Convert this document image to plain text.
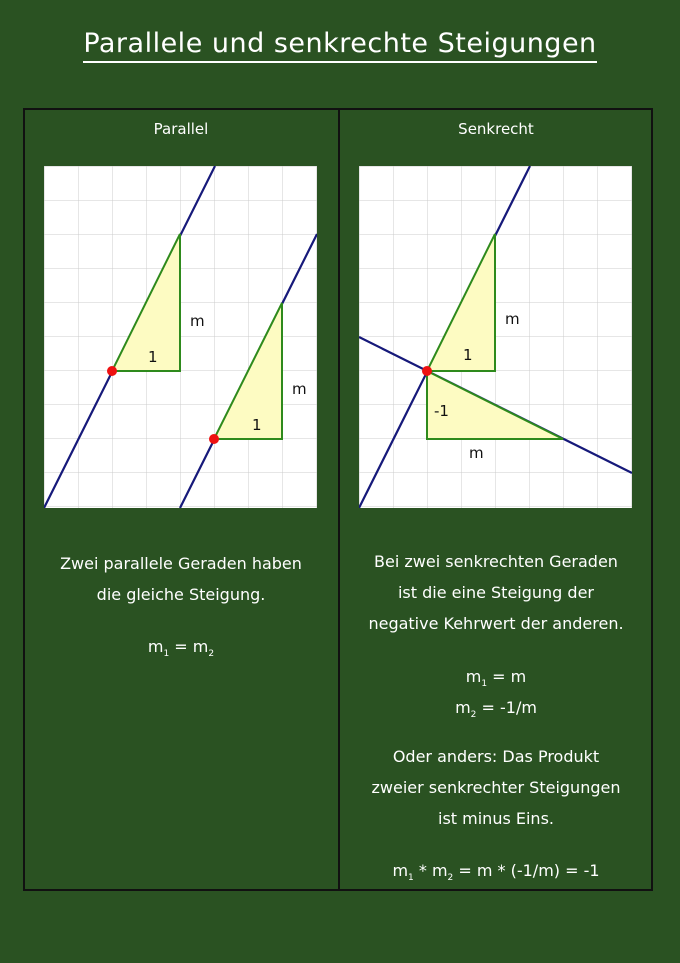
Parallele und senkrechte Steigungen
Parallel
m
1
m
1
Zwei parallele Geraden haben
die gleiche Steigung.
$m_1 = m_2$
Senkrecht
m
1
-1
m
Bei zwei senkrechten Geraden
ist die eine Steigung der
negative Kehrwert der anderen.
$m_1 = m$
$m_2 = -1/m$
Oder anders: Das Produkt
zweier senkrechter Steigungen
ist minus Eins.
$m_1 * m_2 = m * (-1/m) = -1$
